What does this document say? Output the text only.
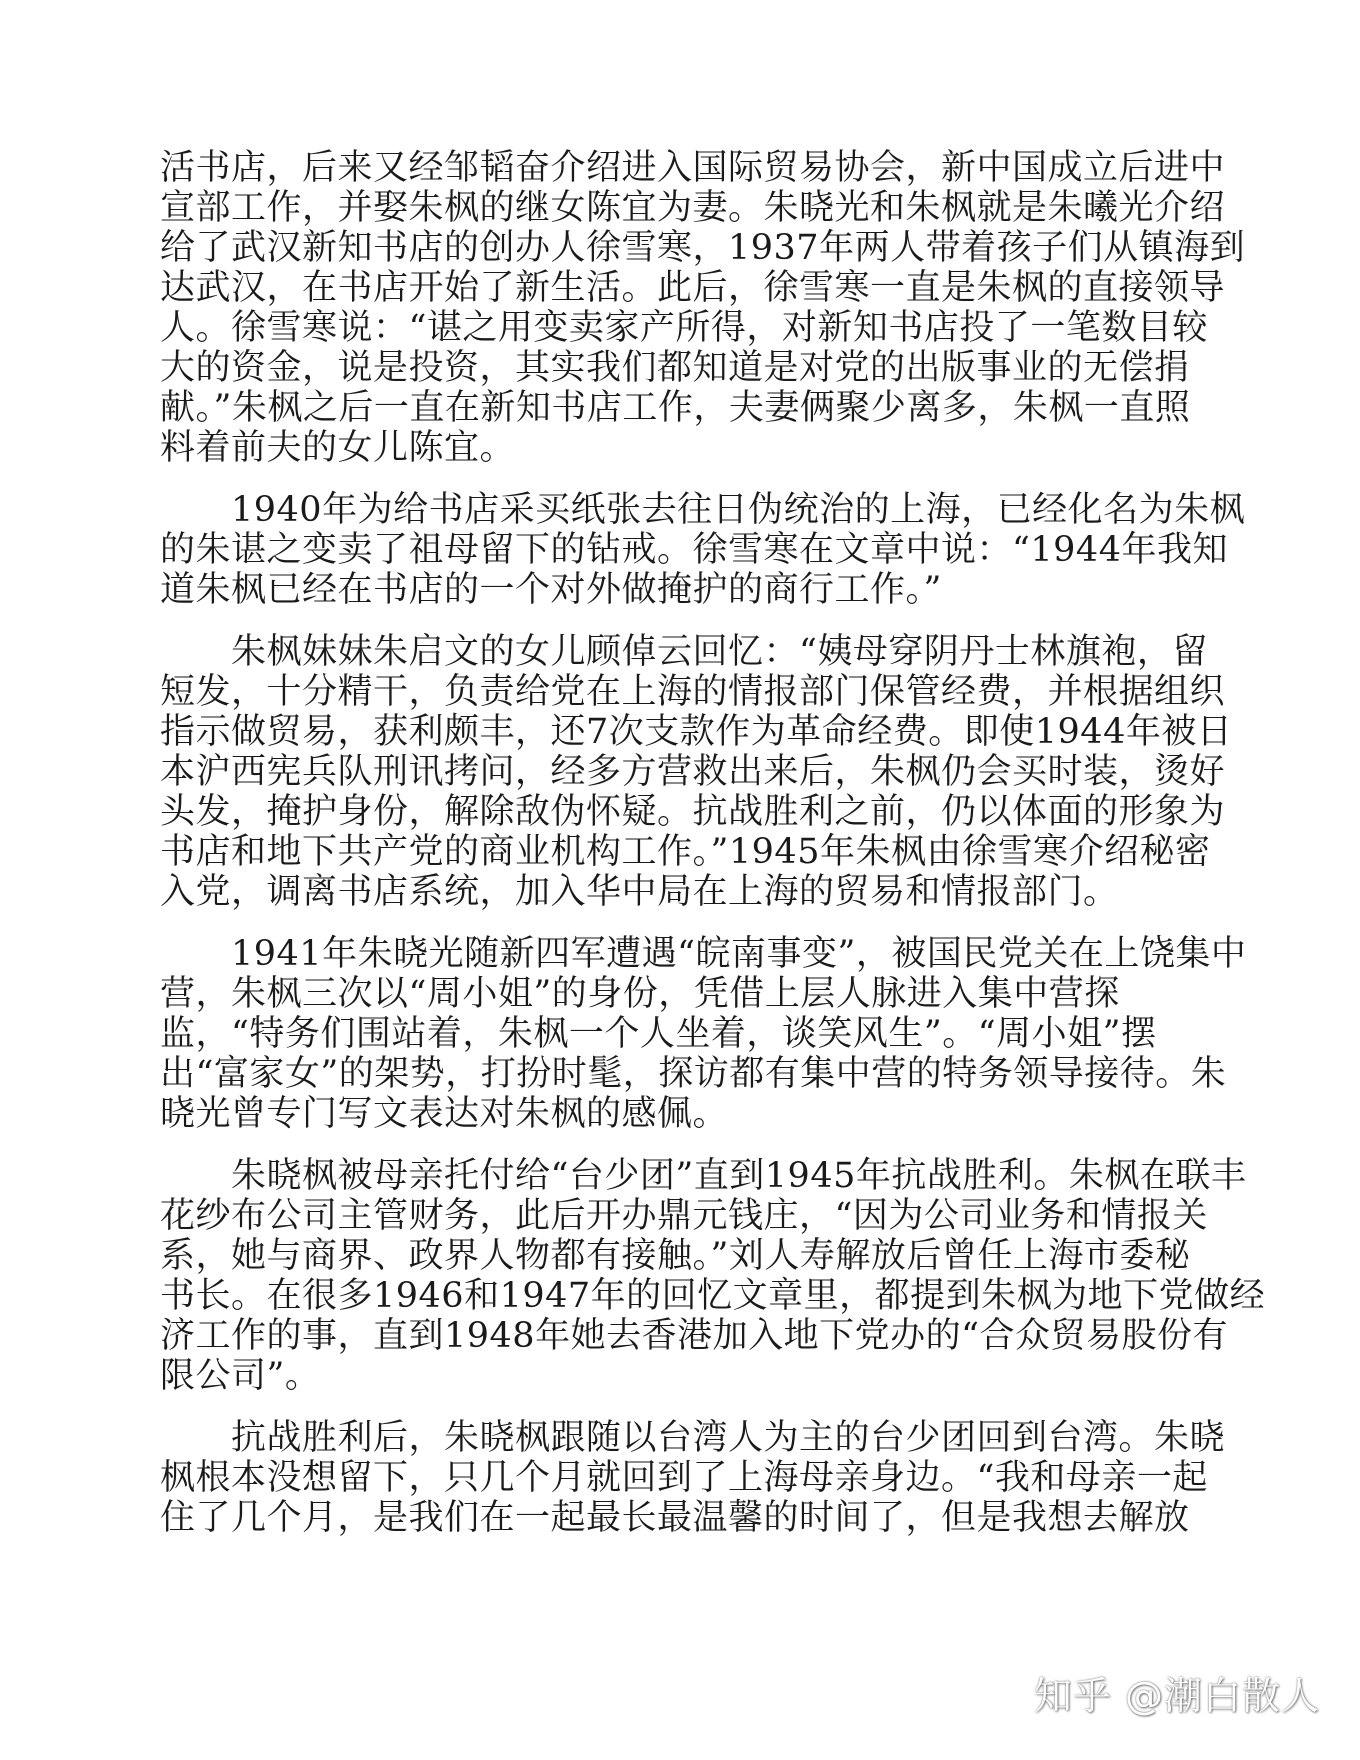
活书店，后来又经邹韬奋介绍进入国际贸易协会，新中国成立后进中
宣部工作，并娶朱枫的继女陈宜为妻。朱晓光和朱枫就是朱曦光介绍
给了武汉新知书店的创办人徐雪寒，1937年两人带着孩子们从镇海到
达武汉，在书店开始了新生活。此后，徐雪寒一直是朱枫的直接领导
人。徐雪寒说：“谌之用变卖家产所得，对新知书店投了一笔数目较
大的资金，说是投资，其实我们都知道是对党的出版事业的无偿捐
献。”朱枫之后一直在新知书店工作，夫妻俩聚少离多，朱枫一直照
料着前夫的女儿陈宜。

　　1940年为给书店采买纸张去往日伪统治的上海，已经化名为朱枫
的朱谌之变卖了祖母留下的钻戒。徐雪寒在文章中说：“1944年我知
道朱枫已经在书店的一个对外做掩护的商行工作。”

　　朱枫妹妹朱启文的女儿顾倬云回忆：“姨母穿阴丹士林旗袍，留
短发，十分精干，负责给党在上海的情报部门保管经费，并根据组织
指示做贸易，获利颇丰，还7次支款作为革命经费。即使1944年被日
本沪西宪兵队刑讯拷问，经多方营救出来后，朱枫仍会买时装，烫好
头发，掩护身份，解除敌伪怀疑。抗战胜利之前，仍以体面的形象为
书店和地下共产党的商业机构工作。”1945年朱枫由徐雪寒介绍秘密
入党，调离书店系统，加入华中局在上海的贸易和情报部门。

　　1941年朱晓光随新四军遭遇“皖南事变”，被国民党关在上饶集中
营，朱枫三次以“周小姐”的身份，凭借上层人脉进入集中营探
监，“特务们围站着，朱枫一个人坐着，谈笑风生”。“周小姐”摆
出“富家女”的架势，打扮时髦，探访都有集中营的特务领导接待。朱
晓光曾专门写文表达对朱枫的感佩。

　　朱晓枫被母亲托付给“台少团”直到1945年抗战胜利。朱枫在联丰
花纱布公司主管财务，此后开办鼎元钱庄，“因为公司业务和情报关
系，她与商界、政界人物都有接触。”刘人寿解放后曾任上海市委秘
书长。在很多1946和1947年的回忆文章里，都提到朱枫为地下党做经
济工作的事，直到1948年她去香港加入地下党办的“合众贸易股份有
限公司”。

　　抗战胜利后，朱晓枫跟随以台湾人为主的台少团回到台湾。朱晓
枫根本没想留下，只几个月就回到了上海母亲身边。“我和母亲一起
住了几个月，是我们在一起最长最温馨的时间了，但是我想去解放

知乎 @潮白散人
